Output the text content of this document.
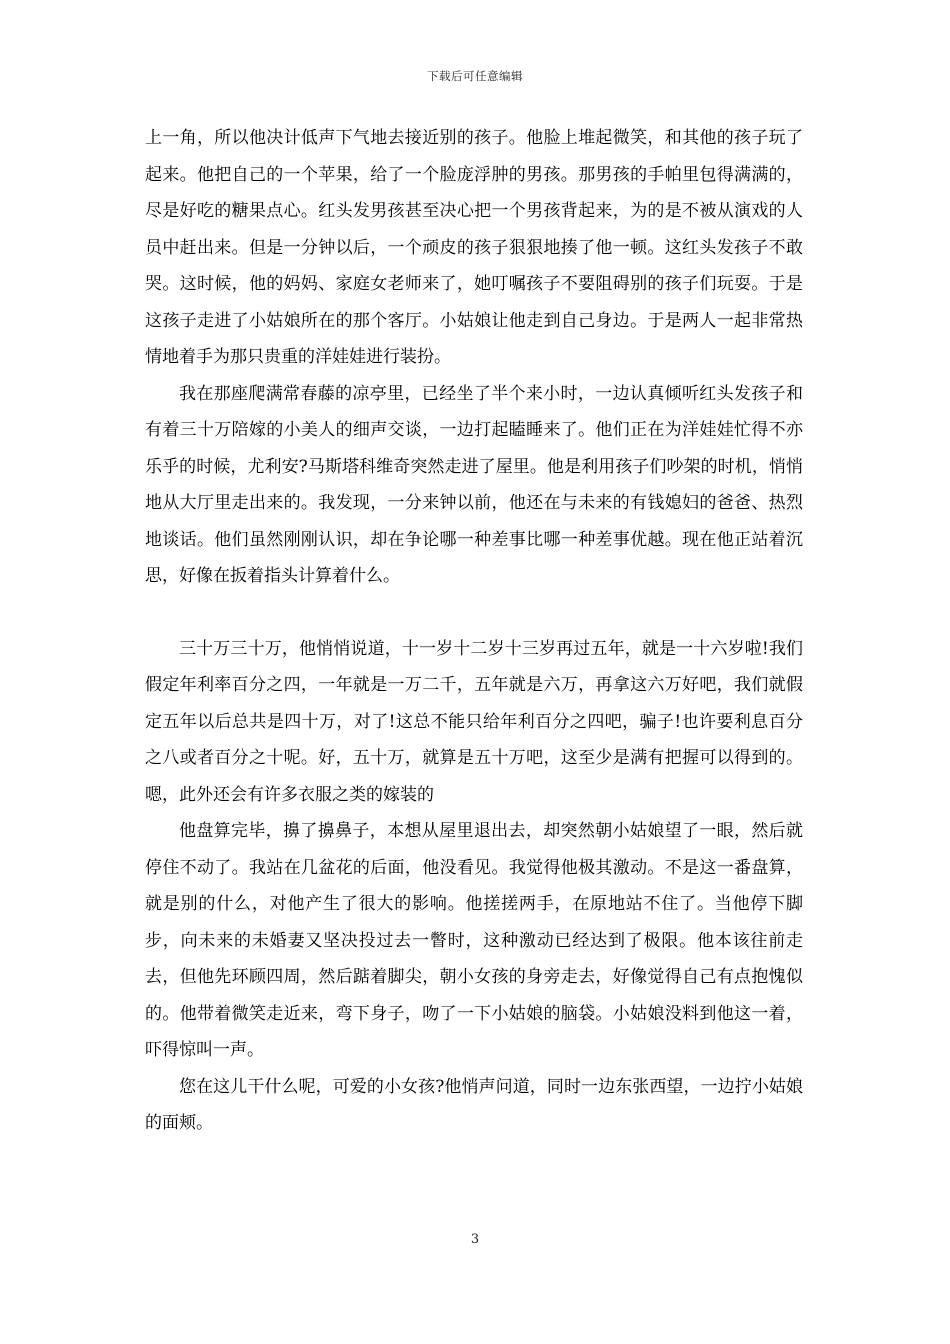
下载后可任意编辑

上一角，所以他决计低声下气地去接近别的孩子。他脸上堆起微笑，和其他的孩子玩了起来。他把自己的一个苹果，给了一个脸庞浮肿的男孩。那男孩的手帕里包得满满的，尽是好吃的糖果点心。红头发男孩甚至决心把一个男孩背起来，为的是不被从演戏的人员中赶出来。但是一分钟以后，一个顽皮的孩子狠狠地揍了他一顿。这红头发孩子不敢哭。这时候，他的妈妈、家庭女老师来了，她叮嘱孩子不要阻碍别的孩子们玩耍。于是这孩子走进了小姑娘所在的那个客厅。小姑娘让他走到自己身边。于是两人一起非常热情地着手为那只贵重的洋娃娃进行装扮。

我在那座爬满常春藤的凉亭里，已经坐了半个来小时，一边认真倾听红头发孩子和有着三十万陪嫁的小美人的细声交谈，一边打起瞌睡来了。他们正在为洋娃娃忙得不亦乐乎的时候，尤利安?马斯塔科维奇突然走进了屋里。他是利用孩子们吵架的时机，悄悄地从大厅里走出来的。我发现，一分来钟以前，他还在与未来的有钱媳妇的爸爸、热烈地谈话。他们虽然刚刚认识，却在争论哪一种差事比哪一种差事优越。现在他正站着沉思，好像在扳着指头计算着什么。

三十万三十万，他悄悄说道，十一岁十二岁十三岁再过五年，就是一十六岁啦!我们假定年利率百分之四，一年就是一万二千，五年就是六万，再拿这六万好吧，我们就假定五年以后总共是四十万，对了!这总不能只给年利百分之四吧，骗子!也许要利息百分之八或者百分之十呢。好，五十万，就算是五十万吧，这至少是满有把握可以得到的。嗯，此外还会有许多衣服之类的嫁装的

他盘算完毕，擤了擤鼻子，本想从屋里退出去，却突然朝小姑娘望了一眼，然后就停住不动了。我站在几盆花的后面，他没看见。我觉得他极其激动。不是这一番盘算，就是别的什么，对他产生了很大的影响。他搓搓两手，在原地站不住了。当他停下脚步，向未来的未婚妻又坚决投过去一瞥时，这种激动已经达到了极限。他本该往前走去，但他先环顾四周，然后踮着脚尖，朝小女孩的身旁走去，好像觉得自己有点抱愧似的。他带着微笑走近来，弯下身子，吻了一下小姑娘的脑袋。小姑娘没料到他这一着，吓得惊叫一声。

您在这儿干什么呢，可爱的小女孩?他悄声问道，同时一边东张西望，一边拧小姑娘的面颊。

3
